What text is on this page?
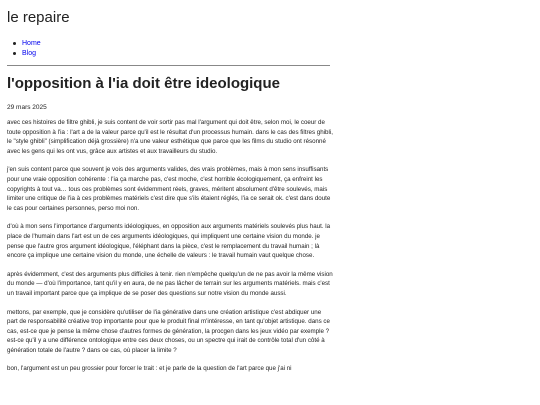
le repaire
Home
Blog
l'opposition à l'ia doit être ideologique

29 mars 2025

avec ces histoires de filtre ghibli, je suis content de voir sortir pas mal l'argument qui doit être, selon moi, le coeur de toute opposition à l'ia : l'art a de la valeur parce qu'il est le résultat d'un processus humain. dans le cas des filtres ghibli, le "style ghibli" (simplification déjà grossière) n'a une valeur esthétique que parce que les films du studio ont résonné avec les gens qui les ont vus, grâce aux artistes et aux travailleurs du studio.

j'en suis content parce que souvent je vois des arguments valides, des vrais problèmes, mais à mon sens insuffisants pour une vraie opposition cohérente : l'ia ça marche pas, c'est moche, c'est horrible écologiquement, ça enfreint les copyrights à tout va… tous ces problèmes sont évidemment réels, graves, méritent absolument d'être soulevés, mais limiter une critique de l'ia à ces problèmes matériels c'est dire que s'ils étaient réglés, l'ia ce serait ok. c'est dans doute le cas pour certaines personnes, perso moi non.

d'où à mon sens l'importance d'arguments idéologiques, en opposition aux arguments matériels soulevés plus haut. la place de l'humain dans l'art est un de ces arguments idéologiques, qui impliquent une certaine vision du monde. je pense que l'autre gros argument idéologique, l'éléphant dans la pièce, c'est le remplacement du travail humain ; là encore ça implique une certaine vision du monde, une échelle de valeurs : le travail humain vaut quelque chose.

après évidemment, c'est des arguments plus difficiles à tenir. rien n'empêche quelqu'un de ne pas avoir la même vision du monde — d'où l'importance, tant qu'il y en aura, de ne pas lâcher de terrain sur les arguments matériels. mais c'est un travail important parce que ça implique de se poser des questions sur notre vision du monde aussi.

mettons, par exemple, que je considère qu'utiliser de l'ia générative dans une création artistique c'est abdiquer une part de responsabilité créative trop importante pour que le produit final m'intéresse, en tant qu'objet artistique. dans ce cas, est-ce que je pense la même chose d'autres formes de génération, la procgen dans les jeux vidéo par exemple ? est-ce qu'il y a une différence ontologique entre ces deux choses, ou un spectre qui irait de contrôle total d'un côté à génération totale de l'autre ? dans ce cas, où placer la limite ?

bon, l'argument est un peu grossier pour forcer le trait : et je parle de la question de l'art parce que j'ai ni
